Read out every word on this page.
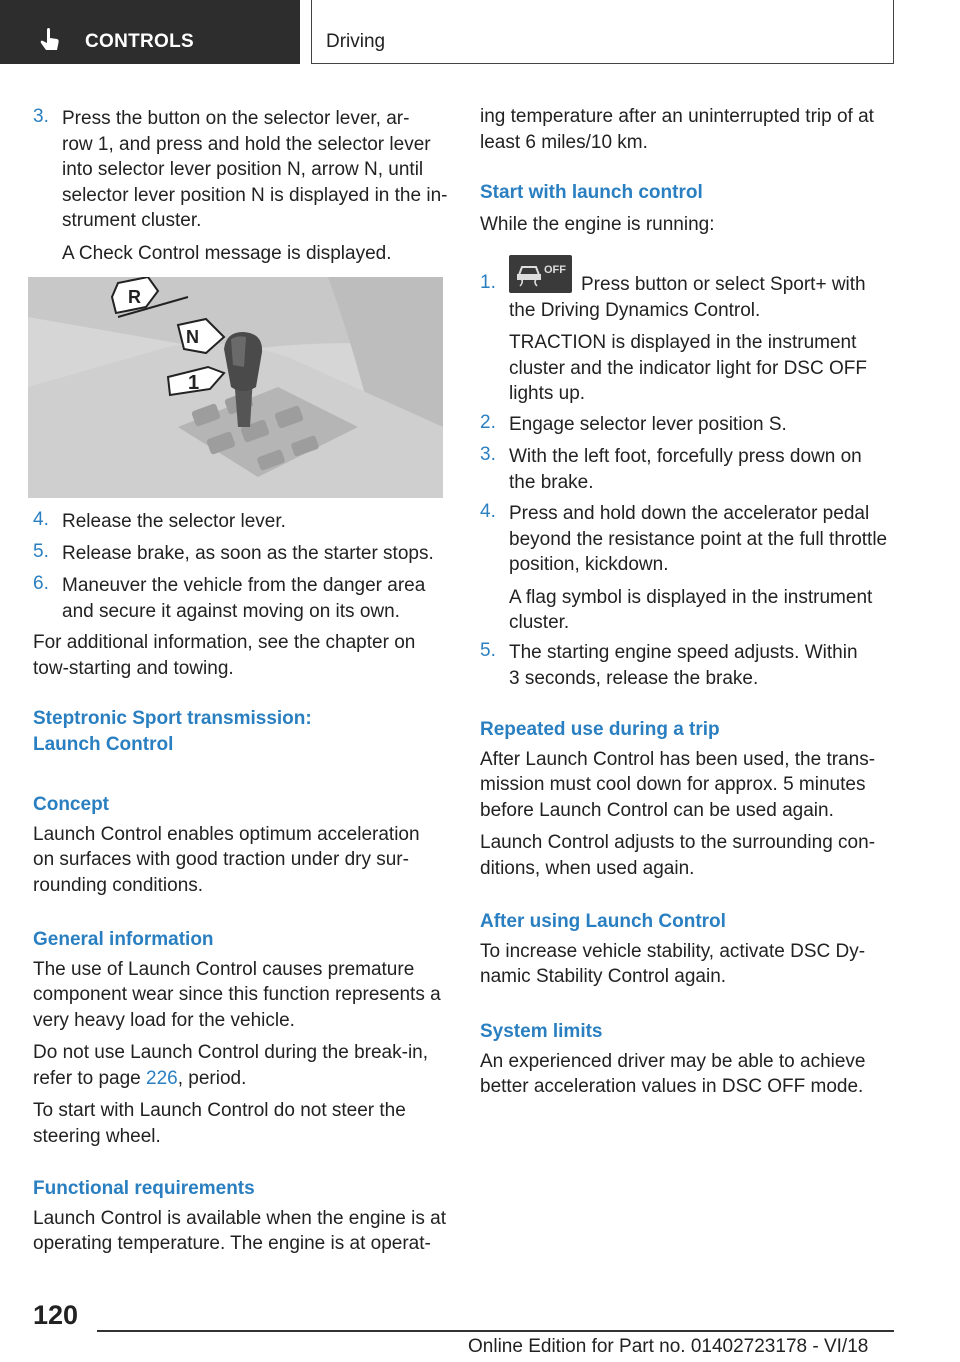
CONTROLS	Driving
3. Press the button on the selector lever, ar-

row 1, and press and hold the selector lever

into selector lever position N, arrow N, until

selector lever position N is displayed in the in-

strument cluster.

A Check Control message is displayed.

R
N
1
4. Release the selector lever.

5. Release brake, as soon as the starter stops.

6. Maneuver the vehicle from the danger area

and secure it against moving on its own.

For additional information, see the chapter on

tow-starting and towing.

Steptronic Sport transmission:

Launch Control

Concept

Launch Control enables optimum acceleration

on surfaces with good traction under dry sur-

rounding conditions.

General information

The use of Launch Control causes premature

component wear since this function represents a

very heavy load for the vehicle.

Do not use Launch Control during the break-in,

refer to page 226, period.

To start with Launch Control do not steer the

steering wheel.

Functional requirements

Launch Control is available when the engine is at

operating temperature. The engine is at operat-

ing temperature after an uninterrupted trip of at

least 6 miles/10 km.

Start with launch control

While the engine is running:

1.
OFF

Press button or select Sport+ with

the Driving Dynamics Control.

TRACTION is displayed in the instrument

cluster and the indicator light for DSC OFF

lights up.

2. Engage selector lever position S.

3. With the left foot, forcefully press down on

the brake.

4. Press and hold down the accelerator pedal

beyond the resistance point at the full throttle

position, kickdown.

A flag symbol is displayed in the instrument

cluster.

5. The starting engine speed adjusts. Within

3 seconds, release the brake.

Repeated use during a trip

After Launch Control has been used, the trans-

mission must cool down for approx. 5 minutes

before Launch Control can be used again.

Launch Control adjusts to the surrounding con-

ditions, when used again.

After using Launch Control

To increase vehicle stability, activate DSC Dy-

namic Stability Control again.

System limits

An experienced driver may be able to achieve

better acceleration values in DSC OFF mode.

120
Online Edition for Part no. 01402723178 - VI/18
